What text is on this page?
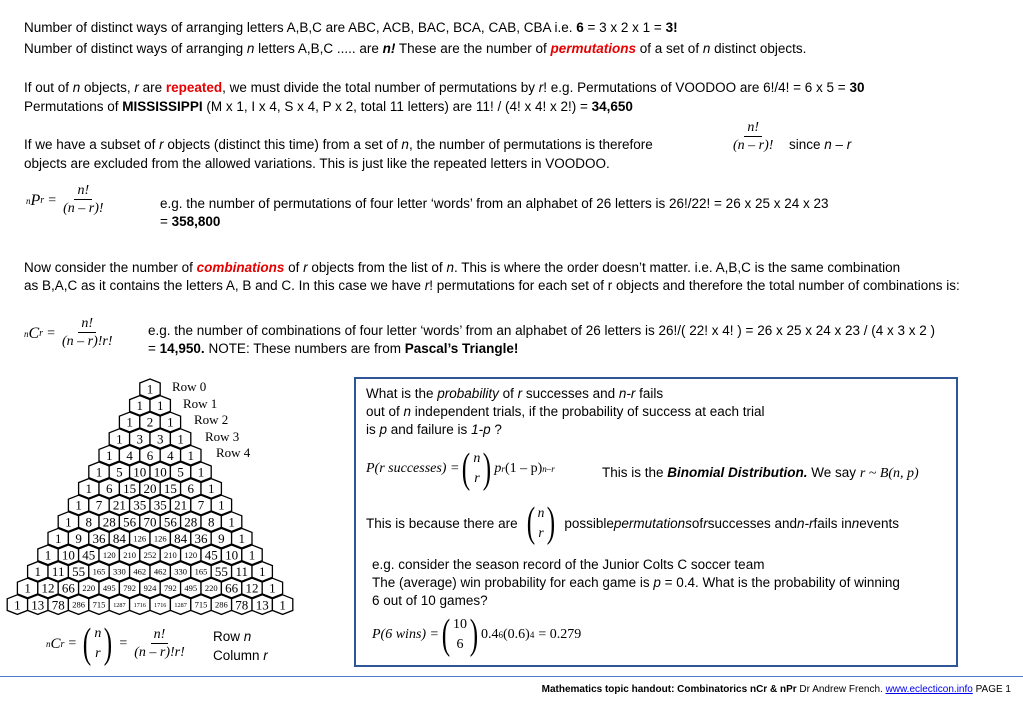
Number of distinct ways of arranging letters A,B,C are ABC, ACB, BAC, BCA, CAB, CBA i.e. 6 = 3 x 2 x 1 = 3!
Number of distinct ways of arranging n letters A,B,C ..... are n! These are the number of permutations of a set of n distinct objects.
If out of n objects, r are repeated, we must divide the total number of permutations by r! e.g. Permutations of VOODOO are 6!/4! = 6 x 5 = 30
Permutations of MISSISSIPPI (M x 1, I x 4, S x 4, P x 2, total 11 letters) are 11! / (4! x 4! x 2!) = 34,650
If we have a subset of r objects (distinct this time) from a set of n, the number of permutations is therefore	$\frac{n!}{(n - r)!}$ since n – r
objects are excluded from the allowed variations. This is just like the repeated letters in VOODOO.
n P $r = \frac{n!}{(n - r)!}$	e.g. the number of permutations of four letter ‘words’ from an alphabet of 26 letters is 26!/22! = 26 x 25 x 24 x 23
= 358,800
Now consider the number of combinations of r objects from the list of n. This is where the order doesn’t matter. i.e. A,B,C is the same combination
as B,A,C as it contains the letters A, B and C. In this case we have r! permutations for each set of r objects and therefore the total number of combinations is:
n C $r = \frac{n!}{(n - r)!r!} e.g$. the number of combinations of four letter ‘words’ from an alphabet of 26 letters is 26!/( 22! x 4! ) = 26 x 25 x 24 x 23 / (4 x 3 x 2 )
= 14,950. NOTE: These numbers are from Pascal’s Triangle!
1
1 1
1 2 1
1 3 3 1
1 4 6 4 1
1 5 10 10 5 1
1 6 15 20 15 6 1
1 7 21 35 35 21 7 1
1 8 28 56 70 56 28 8 1
1 9 36 84 126 126 84 36 9 1
1 10 45 120 210 252 210 120 45 10 1
1 11 55 165 330 462 462 330 165 55 11 1
1 12 66 220 495 792 924 792 495 220 66 12 1
1 13 78 286 715 1287 1716 1716 1287 715 286 78 13 1
Row 0
Row 1
Row 2
Row 3
Row 4
n C r = ( n
r ) = $\frac{n!}{(n - r)!r!}$ Row n
Column r
What is the probability of r successes and n-r fails
out of n independent trials, if the probability of success at each trial
is p and failure is 1-p ?
P(r successes) = ( n
r ) p r (1 – p) n–r	This is the Binomial Distribution. We say r ~ B(n, p)
This is because there are ( n
r ) possible permutations of r successes and n-r fails in n events
e.g. consider the season record of the Junior Colts C soccer team
The (average) win probability for each game is p = 0.4. What is the probability of winning
6 out of 10 games?
P(6 wins) = ( 10
6 ) 0.4 6 (0.6) 4 = 0.279
Mathematics topic handout: Combinatorics nCr & nPr Dr Andrew French. www.eclecticon.info PAGE 1
